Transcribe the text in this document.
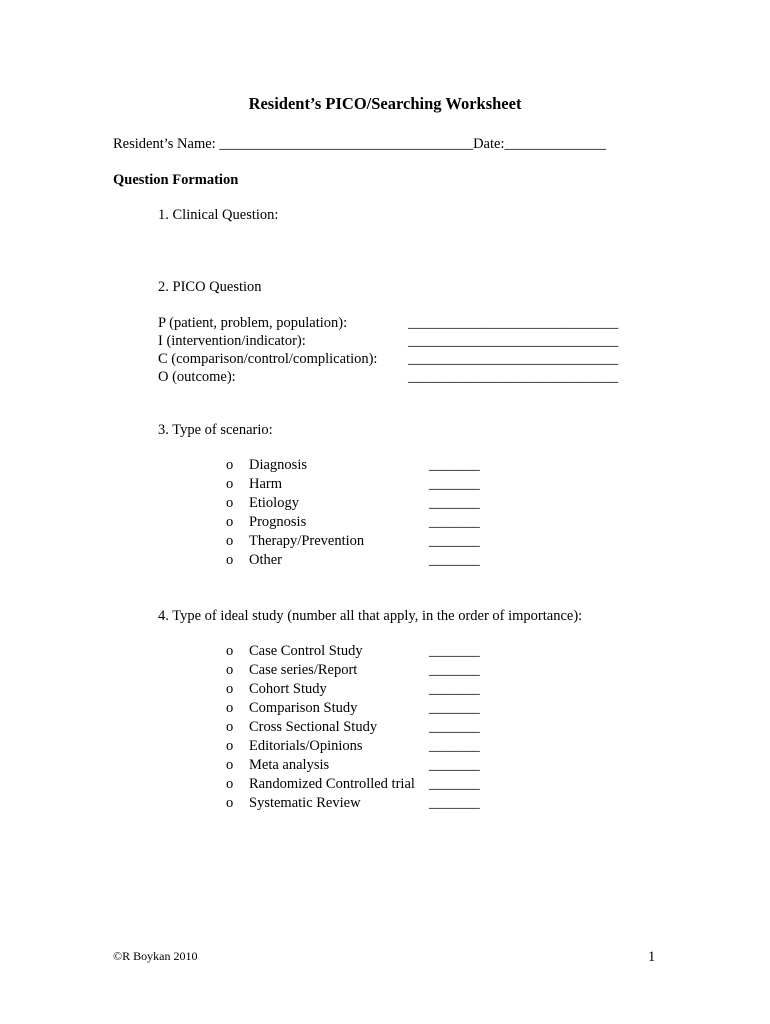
Resident’s PICO/Searching Worksheet
Resident’s Name: ___________________________________Date:______________
Question Formation
1. Clinical Question:
2. PICO Question
P (patient, problem, population):	_____________________________
I (intervention/indicator):	_____________________________
C (comparison/control/complication): _____________________________
O (outcome):	_____________________________
3. Type of scenario:
o Diagnosis	_______
o Harm	_______
o Etiology	_______
o Prognosis	_______
o Therapy/Prevention	_______
o Other	_______
4. Type of ideal study (number all that apply, in the order of importance):
o Case Control Study	_______
o Case series/Report	_______
o Cohort Study	_______
o Comparison Study	_______
o Cross Sectional Study	_______
o Editorials/Opinions	_______
o Meta analysis	_______
o Randomized Controlled trial _______
o Systematic Review	_______
©R Boykan 2010	1
